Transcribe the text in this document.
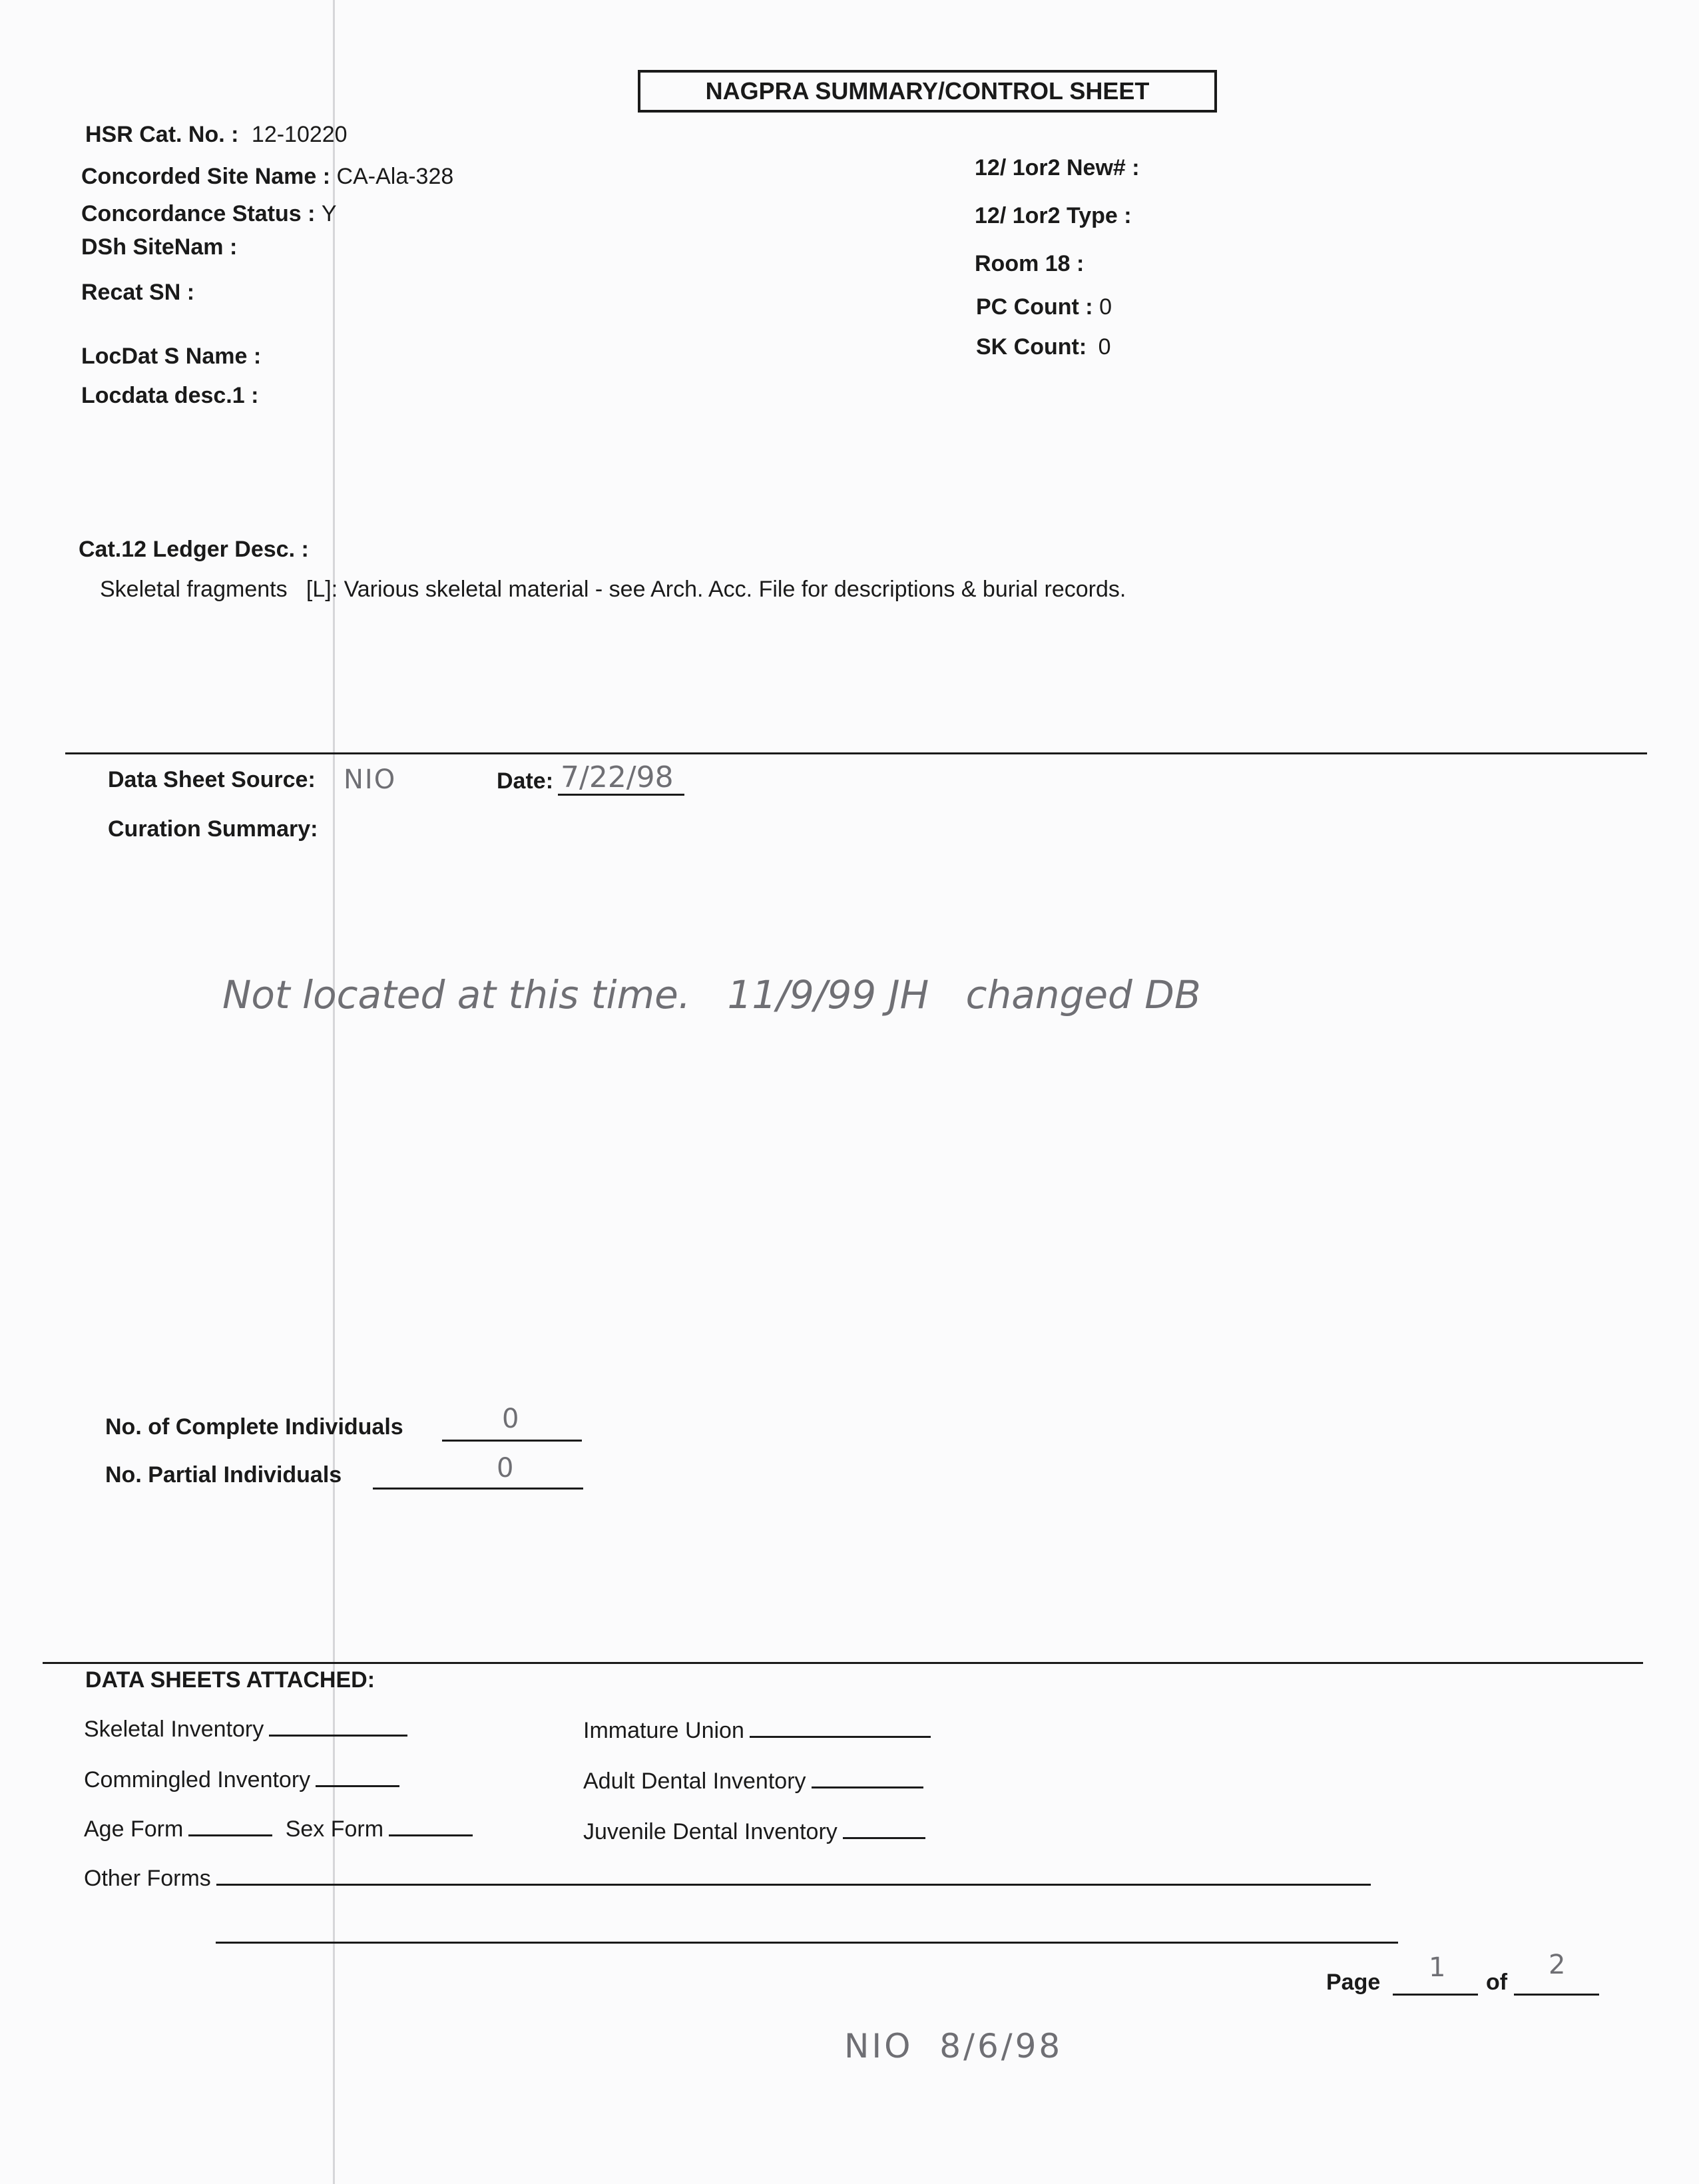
NAGPRA SUMMARY/CONTROL SHEET
HSR Cat. No. : 12-10220
Concorded Site Name : CA-Ala-328
Concordance Status : Y
DSh SiteNam :
Recat SN :
LocDat S Name :
Locdata desc.1 :
12/ 1or2 New# :
12/ 1or2 Type :
Room 18 :
PC Count : 0
SK Count: 0
Cat.12 Ledger Desc. :
Skeletal fragments   [L]: Various skeletal material - see Arch. Acc. File for descriptions & burial records.
Data Sheet Source: NIO	Date: 7/22/98
Curation Summary:
Not located at this time.   11/9/99 JH   changed DB
No. of Complete Individuals	0
No. Partial Individuals	0
DATA SHEETS ATTACHED:
Skeletal Inventory
Commingled Inventory
Age Form	Sex Form
Other Forms
Immature Union
Adult Dental Inventory
Juvenile Dental Inventory
Page 1 of
2
NIO  8/6/98
